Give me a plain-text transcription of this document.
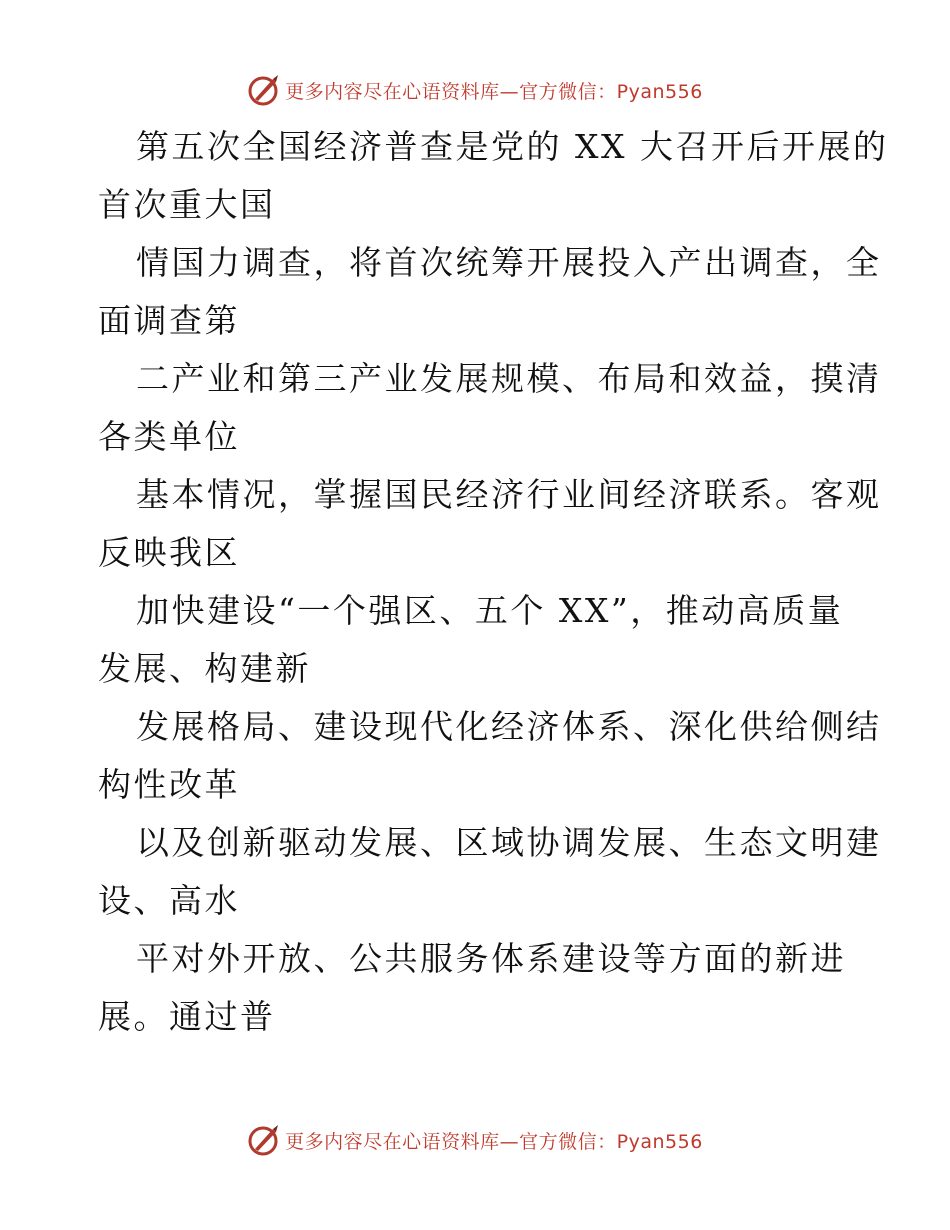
更多内容尽在心语资料库—官方微信：Pyan556

第五次全国经济普查是党的 XX 大召开后开展的
首次重大国

情国力调查，将首次统筹开展投入产出调查，全
面调查第

二产业和第三产业发展规模、布局和效益，摸清
各类单位

基本情况，掌握国民经济行业间经济联系。客观
反映我区

加快建设“一个强区、五个 XX”，推动高质量
发展、构建新

发展格局、建设现代化经济体系、深化供给侧结
构性改革

以及创新驱动发展、区域协调发展、生态文明建
设、高水

平对外开放、公共服务体系建设等方面的新进
展。通过普

更多内容尽在心语资料库—官方微信：Pyan556
